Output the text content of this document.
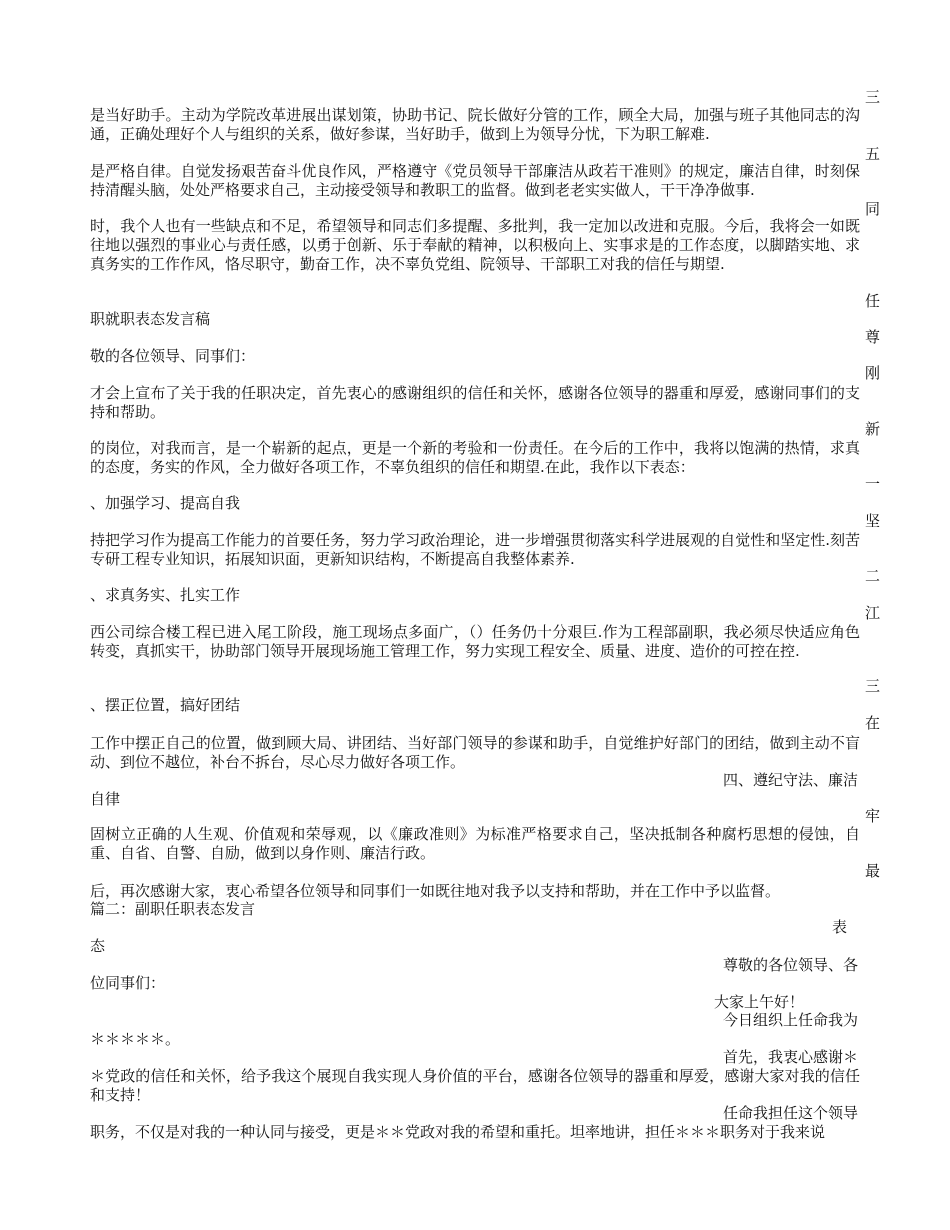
三
五
同
任
尊
刚
新
一
坚
二
江
三
在
牢
最
是当好助手。主动为学院改革进展出谋划策，协助书记、院长做好分管的工作，顾全大局，加强与班子其他同志的沟通，正确处理好个人与组织的关系，做好参谋，当好助手，做到上为领导分忧，下为职工解难.
是严格自律。自觉发扬艰苦奋斗优良作风，严格遵守《党员领导干部廉洁从政若干准则》的规定，廉洁自律，时刻保持清醒头脑，处处严格要求自己，主动接受领导和教职工的监督。做到老老实实做人，干干净净做事.
时，我个人也有一些缺点和不足，希望领导和同志们多提醒、多批判，我一定加以改进和克服。今后，我将会一如既往地以强烈的事业心与责任感，以勇于创新、乐于奉献的精神，以积极向上、实事求是的工作态度，以脚踏实地、求真务实的工作作风，恪尽职守，勤奋工作，决不辜负党组、院领导、干部职工对我的信任与期望.
职就职表态发言稿
敬的各位领导、同事们：
才会上宣布了关于我的任职决定，首先衷心的感谢组织的信任和关怀，感谢各位领导的器重和厚爱，感谢同事们的支持和帮助。
的岗位，对我而言，是一个崭新的起点，更是一个新的考验和一份责任。在今后的工作中，我将以饱满的热情，求真的态度，务实的作风，全力做好各项工作，不辜负组织的信任和期望.在此，我作以下表态：
、加强学习、提高自我
持把学习作为提高工作能力的首要任务，努力学习政治理论，进一步增强贯彻落实科学进展观的自觉性和坚定性.刻苦专研工程专业知识，拓展知识面，更新知识结构，不断提高自我整体素养.
、求真务实、扎实工作
西公司综合楼工程已进入尾工阶段，施工现场点多面广，（）任务仍十分艰巨.作为工程部副职，我必须尽快适应角色转变，真抓实干，协助部门领导开展现场施工管理工作，努力实现工程安全、质量、进度、造价的可控在控.
、摆正位置，搞好团结
工作中摆正自己的位置，做到顾大局、讲团结、当好部门领导的参谋和助手，自觉维护好部门的团结，做到主动不盲动、到位不越位，补台不拆台，尽心尽力做好各项工作。
四、遵纪守法、廉洁
自律
固树立正确的人生观、价值观和荣辱观，以《廉政准则》为标准严格要求自己，坚决抵制各种腐朽思想的侵蚀，自重、自省、自警、自励，做到以身作则、廉洁行政。
后，再次感谢大家，衷心希望各位领导和同事们一如既往地对我予以支持和帮助，并在工作中予以监督。
篇二：副职任职表态发言
表
态
尊敬的各位领导、各
位同事们：
大家上午好！
今日组织上任命我为
＊＊＊＊＊。
首先，我衷心感谢＊
＊党政的信任和关怀，给予我这个展现自我实现人身价值的平台，感谢各位领导的器重和厚爱，感谢大家对我的信任和支持！
任命我担任这个领导
职务，不仅是对我的一种认同与接受，更是＊＊党政对我的希望和重托。坦率地讲，担任＊＊＊职务对于我来说
